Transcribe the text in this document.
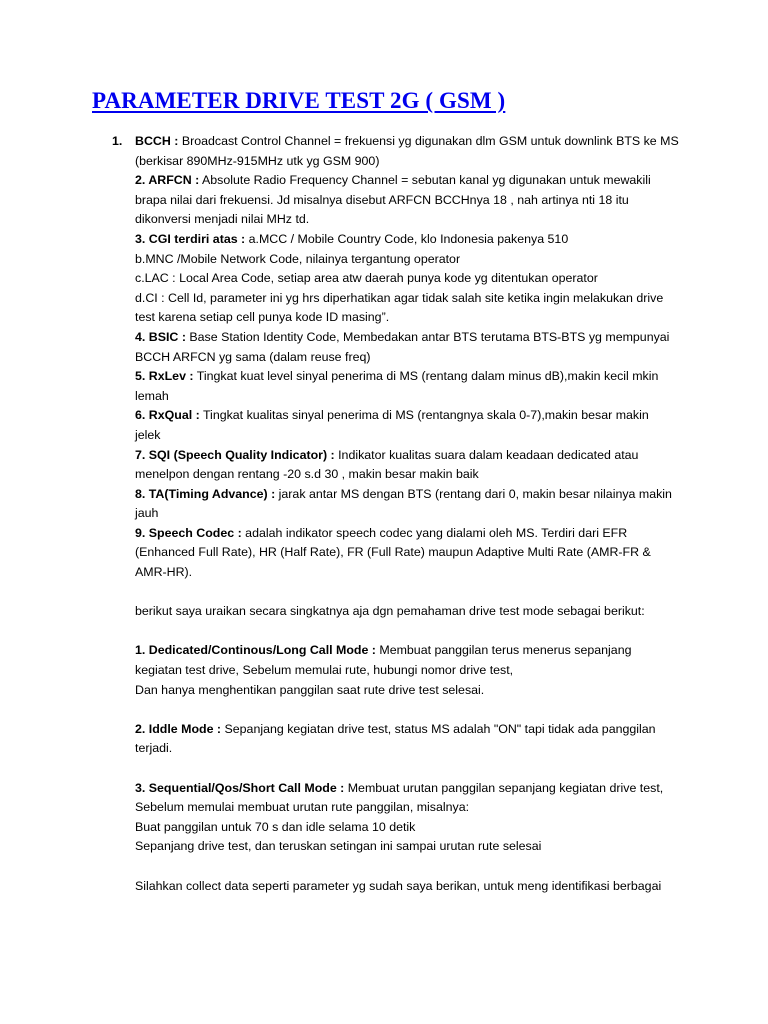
PARAMETER DRIVE TEST 2G ( GSM )
1. BCCH : Broadcast Control Channel = frekuensi yg digunakan dlm GSM untuk downlink BTS ke MS
(berkisar 890MHz-915MHz utk yg GSM 900)
2. ARFCN : Absolute Radio Frequency Channel = sebutan kanal yg digunakan untuk mewakili
brapa nilai dari frekuensi. Jd misalnya disebut ARFCN BCCHnya 18 , nah artinya nti 18 itu
dikonversi menjadi nilai MHz td.
3. CGI terdiri atas : a.MCC / Mobile Country Code, klo Indonesia pakenya 510
b.MNC /Mobile Network Code, nilainya tergantung operator
c.LAC : Local Area Code, setiap area atw daerah punya kode yg ditentukan operator
d.CI : Cell Id, parameter ini yg hrs diperhatikan agar tidak salah site ketika ingin melakukan drive
test karena setiap cell punya kode ID masing”.
4. BSIC : Base Station Identity Code, Membedakan antar BTS terutama BTS-BTS yg mempunyai
BCCH ARFCN yg sama (dalam reuse freq)
5. RxLev : Tingkat kuat level sinyal penerima di MS (rentang dalam minus dB),makin kecil mkin
lemah
6. RxQual : Tingkat kualitas sinyal penerima di MS (rentangnya skala 0-7),makin besar makin
jelek
7. SQI (Speech Quality Indicator) : Indikator kualitas suara dalam keadaan dedicated atau
menelpon dengan rentang -20 s.d 30 , makin besar makin baik
8. TA(Timing Advance) : jarak antar MS dengan BTS (rentang dari 0, makin besar nilainya makin
jauh
9. Speech Codec : adalah indikator speech codec yang dialami oleh MS. Terdiri dari EFR
(Enhanced Full Rate), HR (Half Rate), FR (Full Rate) maupun Adaptive Multi Rate (AMR-FR &
AMR-HR).
berikut saya uraikan secara singkatnya aja dgn pemahaman drive test mode sebagai berikut:
1. Dedicated/Continous/Long Call Mode : Membuat panggilan terus menerus sepanjang
kegiatan test drive, Sebelum memulai rute, hubungi nomor drive test,
Dan hanya menghentikan panggilan saat rute drive test selesai.
2. Iddle Mode : Sepanjang kegiatan drive test, status MS adalah "ON" tapi tidak ada panggilan
terjadi.
3. Sequential/Qos/Short Call Mode : Membuat urutan panggilan sepanjang kegiatan drive test,
Sebelum memulai membuat urutan rute panggilan, misalnya:
Buat panggilan untuk 70 s dan idle selama 10 detik
Sepanjang drive test, dan teruskan setingan ini sampai urutan rute selesai
Silahkan collect data seperti parameter yg sudah saya berikan, untuk meng identifikasi berbagai
